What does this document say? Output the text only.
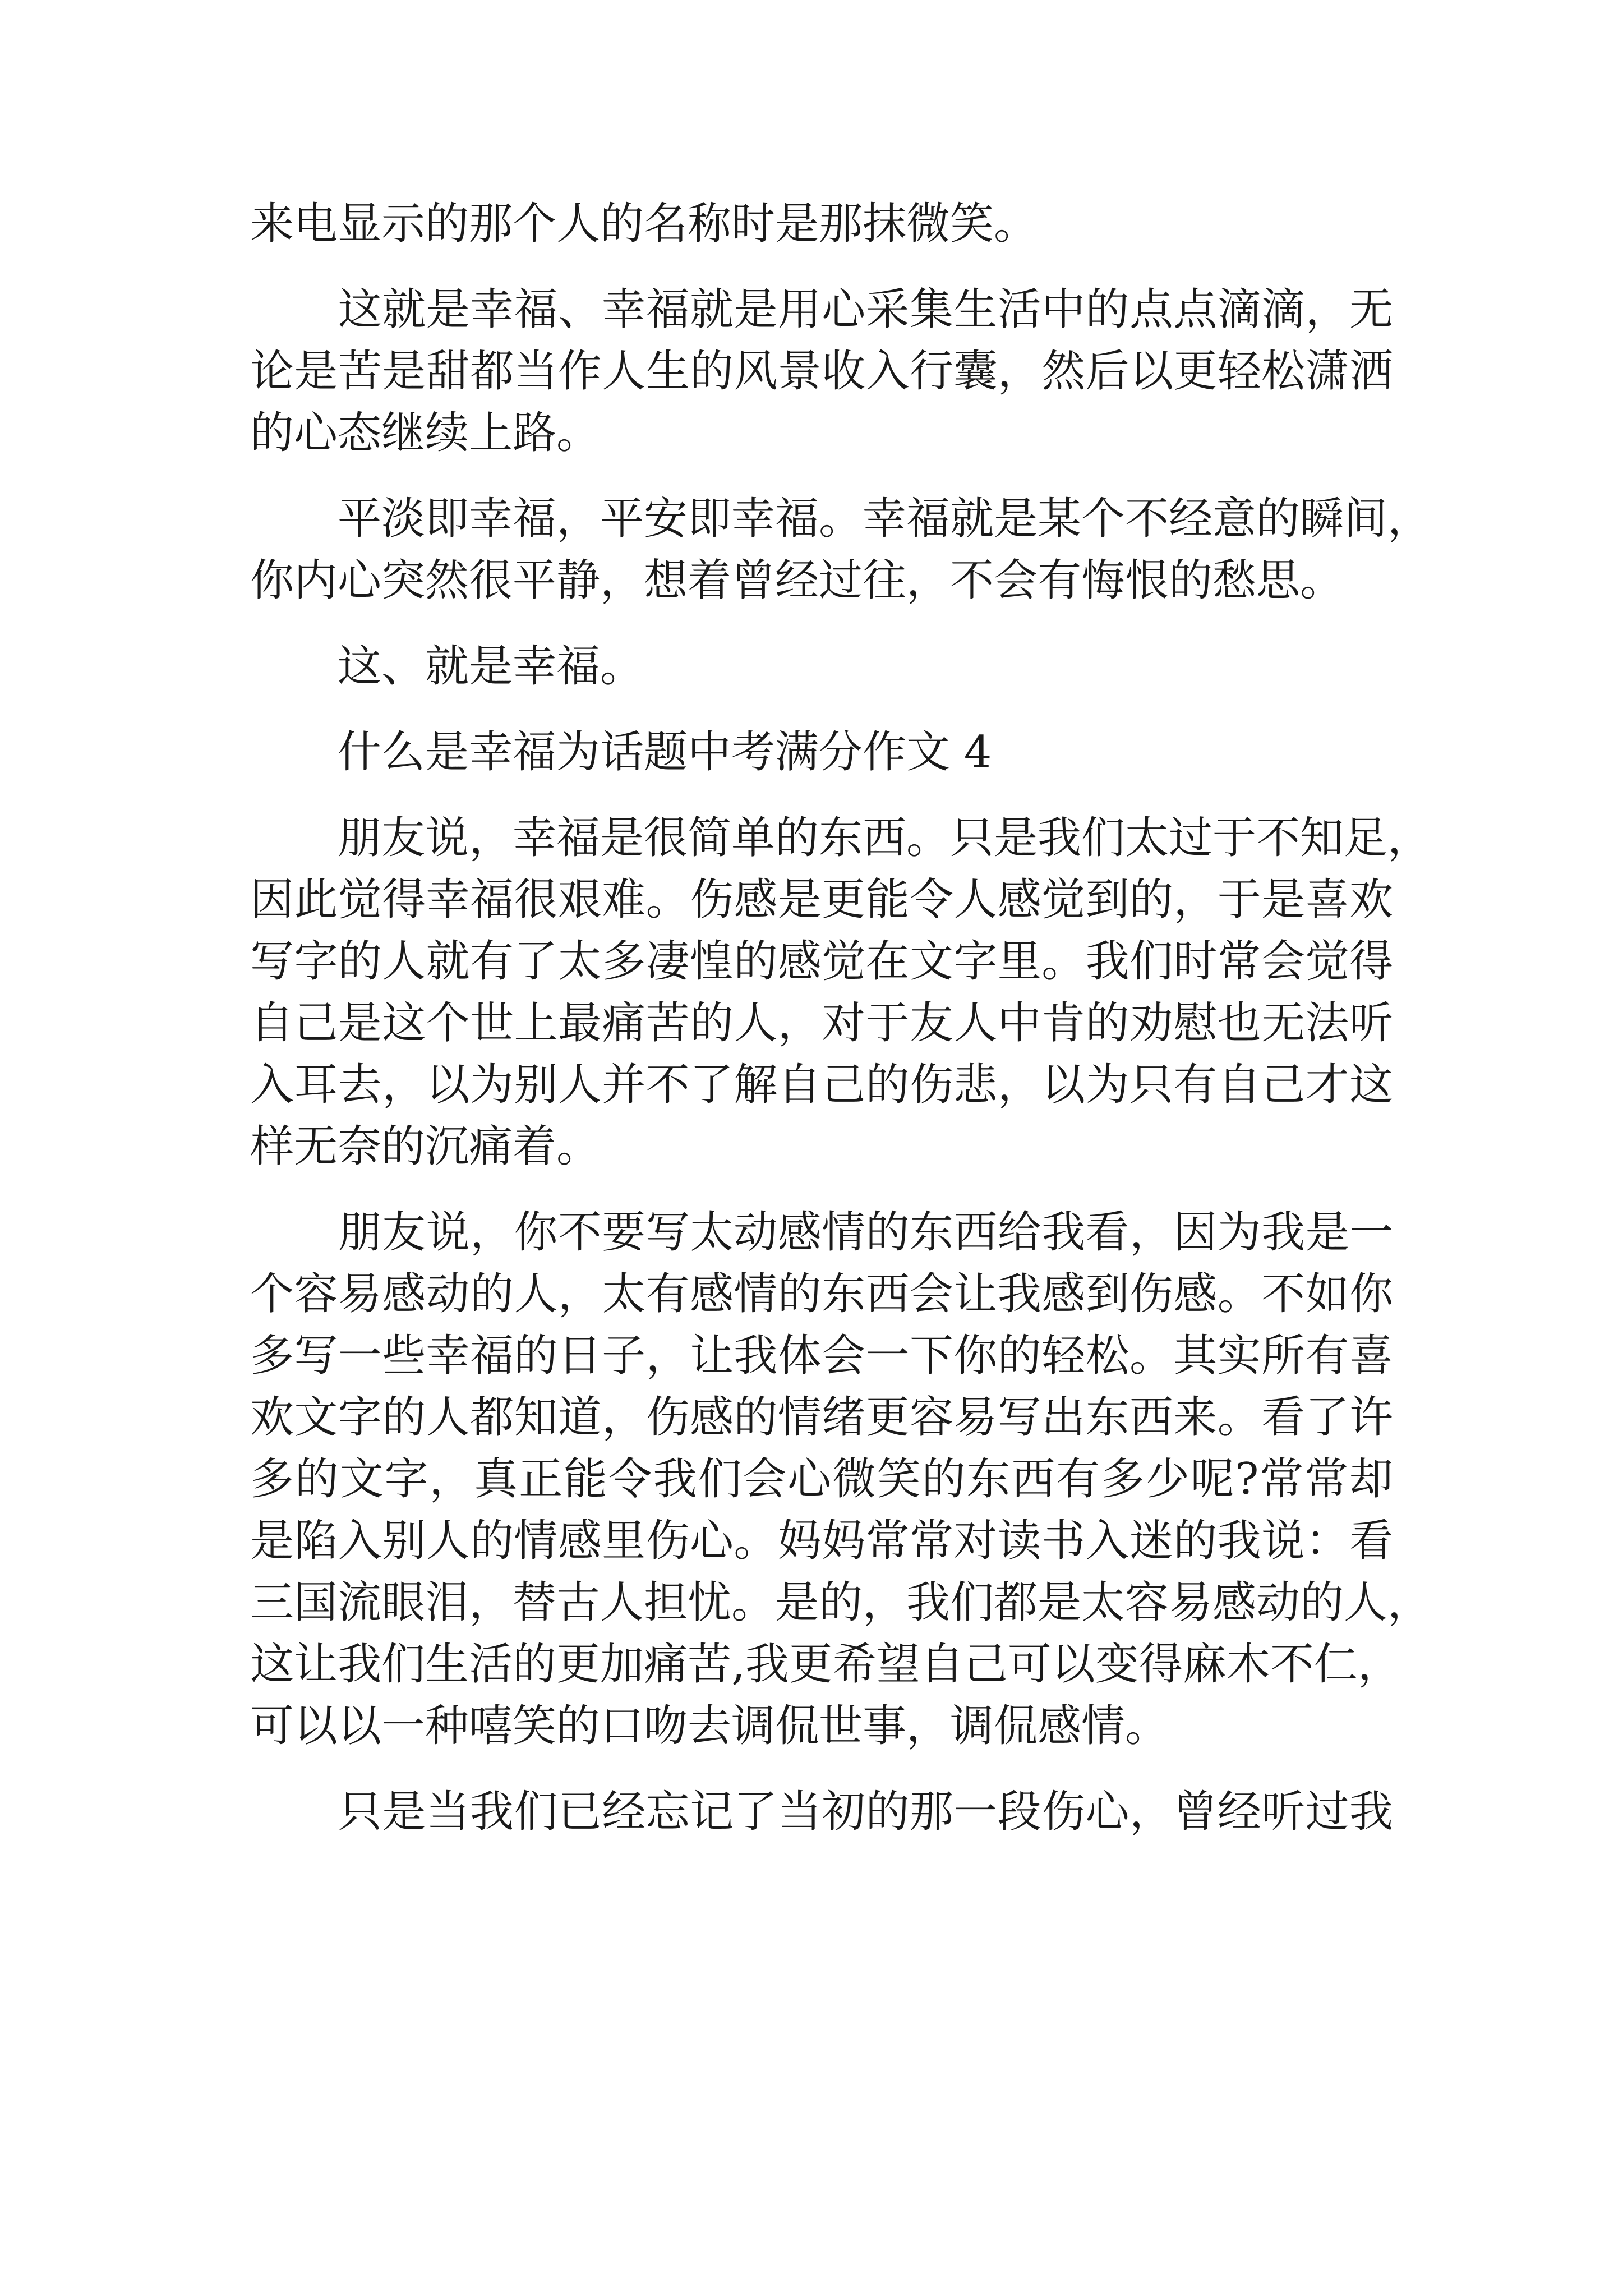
来电显示的那个人的名称时是那抹微笑。
　　这就是幸福、幸福就是用心采集生活中的点点滴滴，无
论是苦是甜都当作人生的风景收入行囊，然后以更轻松潇洒
的心态继续上路。
　　平淡即幸福，平安即幸福。幸福就是某个不经意的瞬间，
你内心突然很平静，想着曾经过往，不会有悔恨的愁思。
　　这、就是幸福。
　　什么是幸福为话题中考满分作文 4
　　朋友说，幸福是很简单的东西。只是我们太过于不知足，
因此觉得幸福很艰难。伤感是更能令人感觉到的，于是喜欢
写字的人就有了太多凄惶的感觉在文字里。我们时常会觉得
自己是这个世上最痛苦的人，对于友人中肯的劝慰也无法听
入耳去，以为别人并不了解自己的伤悲，以为只有自己才这
样无奈的沉痛着。
　　朋友说，你不要写太动感情的东西给我看，因为我是一
个容易感动的人，太有感情的东西会让我感到伤感。不如你
多写一些幸福的日子，让我体会一下你的轻松。其实所有喜
欢文字的人都知道，伤感的情绪更容易写出东西来。看了许
多的文字，真正能令我们会心微笑的东西有多少呢?常常却
是陷入别人的情感里伤心。妈妈常常对读书入迷的我说：看
三国流眼泪，替古人担忧。是的，我们都是太容易感动的人，
这让我们生活的更加痛苦,我更希望自己可以变得麻木不仁，
可以以一种嘻笑的口吻去调侃世事，调侃感情。
　　只是当我们已经忘记了当初的那一段伤心，曾经听过我
